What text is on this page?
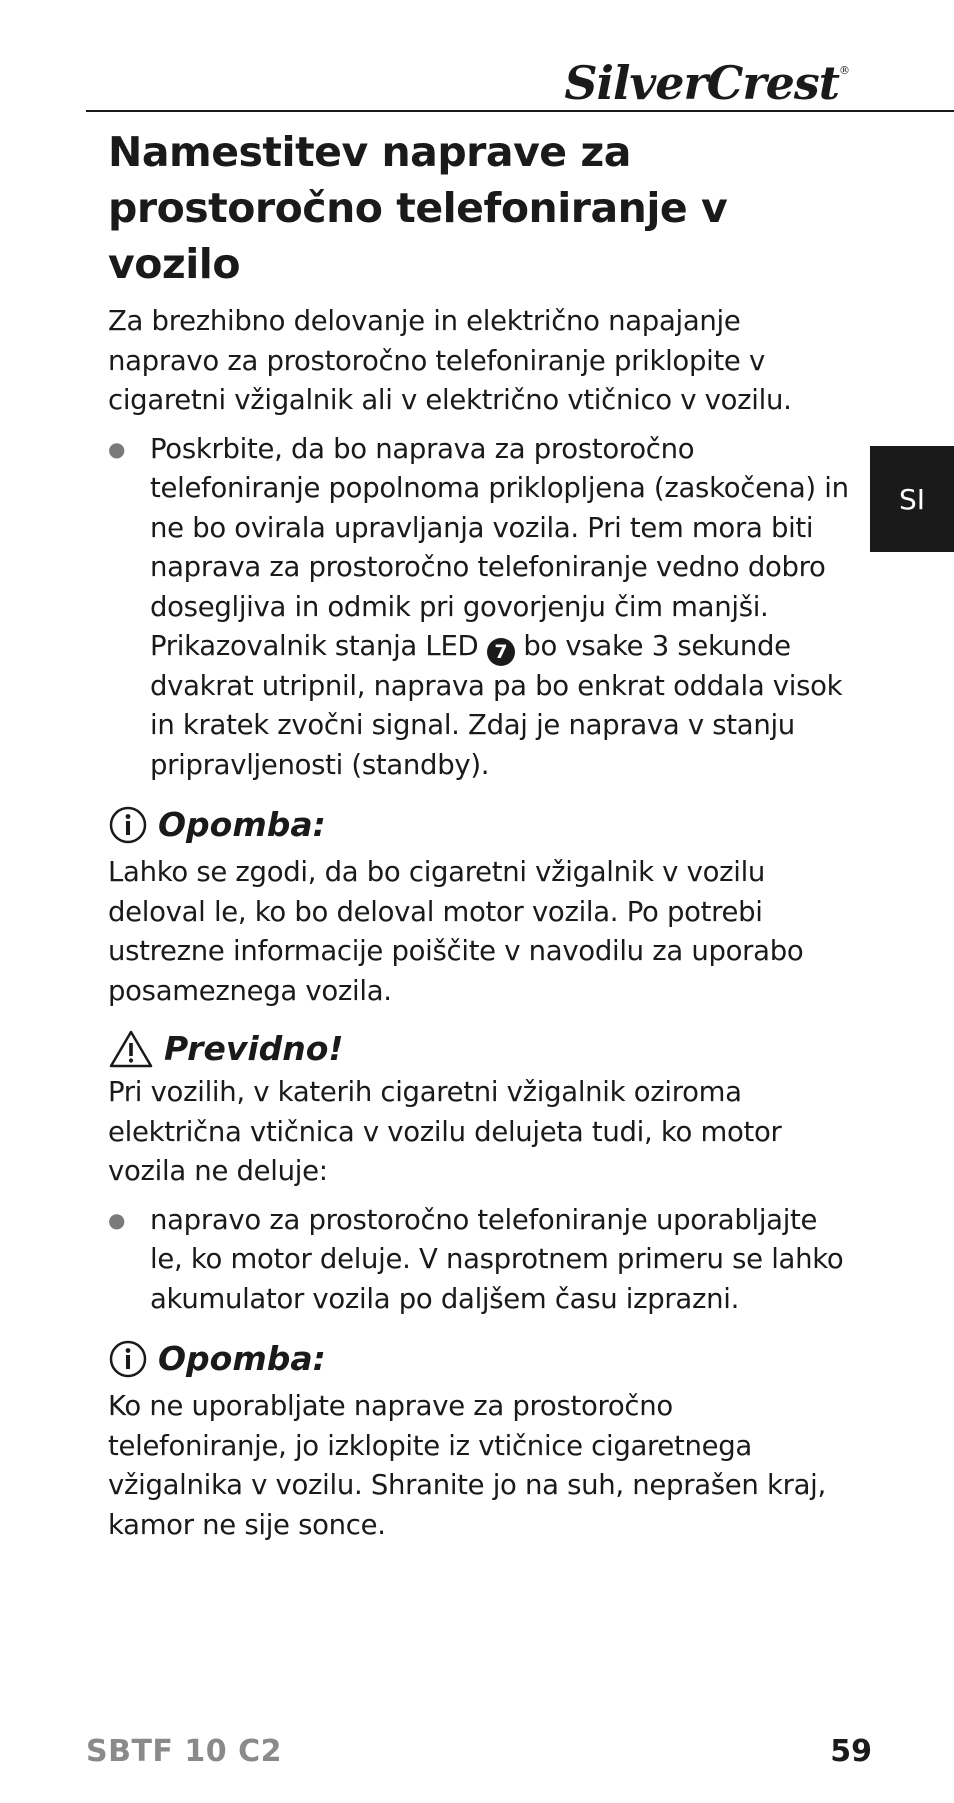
SilverCrest®
SI
Namestitev naprave za prostoročno telefoniranje v vozilo

Za brezhibno delovanje in električno napajanje napravo za prostoročno telefoniranje priklopite v cigaretni vžigalnik ali v električno vtičnico v vozilu.

● Poskrbite, da bo naprava za prostoročno telefoniranje popolnoma priklopljena (zaskočena) in ne bo ovirala upravljanja vozila. Pri tem mora biti naprava za prostoročno telefoniranje vedno dobro dosegljiva in odmik pri govorjenju čim manjši. Prikazovalnik stanja LED 7 bo vsake 3 sekunde dvakrat utripnil, naprava pa bo enkrat oddala visok in kratek zvočni signal. Zdaj je naprava v stanju pripravljenosti (standby).
Opomba:

Lahko se zgodi, da bo cigaretni vžigalnik v vozilu deloval le, ko bo deloval motor vozila. Po potrebi ustrezne informacije poiščite v navodilu za uporabo posameznega vozila.

Previdno!

Pri vozilih, v katerih cigaretni vžigalnik oziroma električna vtičnica v vozilu delujeta tudi, ko motor vozila ne deluje:

● napravo za prostoročno telefoniranje uporabljajte le, ko motor deluje. V nasprotnem primeru se lahko akumulator vozila po daljšem času izprazni.
Opomba:

Ko ne uporabljate naprave za prostoročno telefoniranje, jo izklopite iz vtičnice cigaretnega vžigalnika v vozilu. Shranite jo na suh, neprašen kraj, kamor ne sije sonce.

SBTF 10 C2	59
